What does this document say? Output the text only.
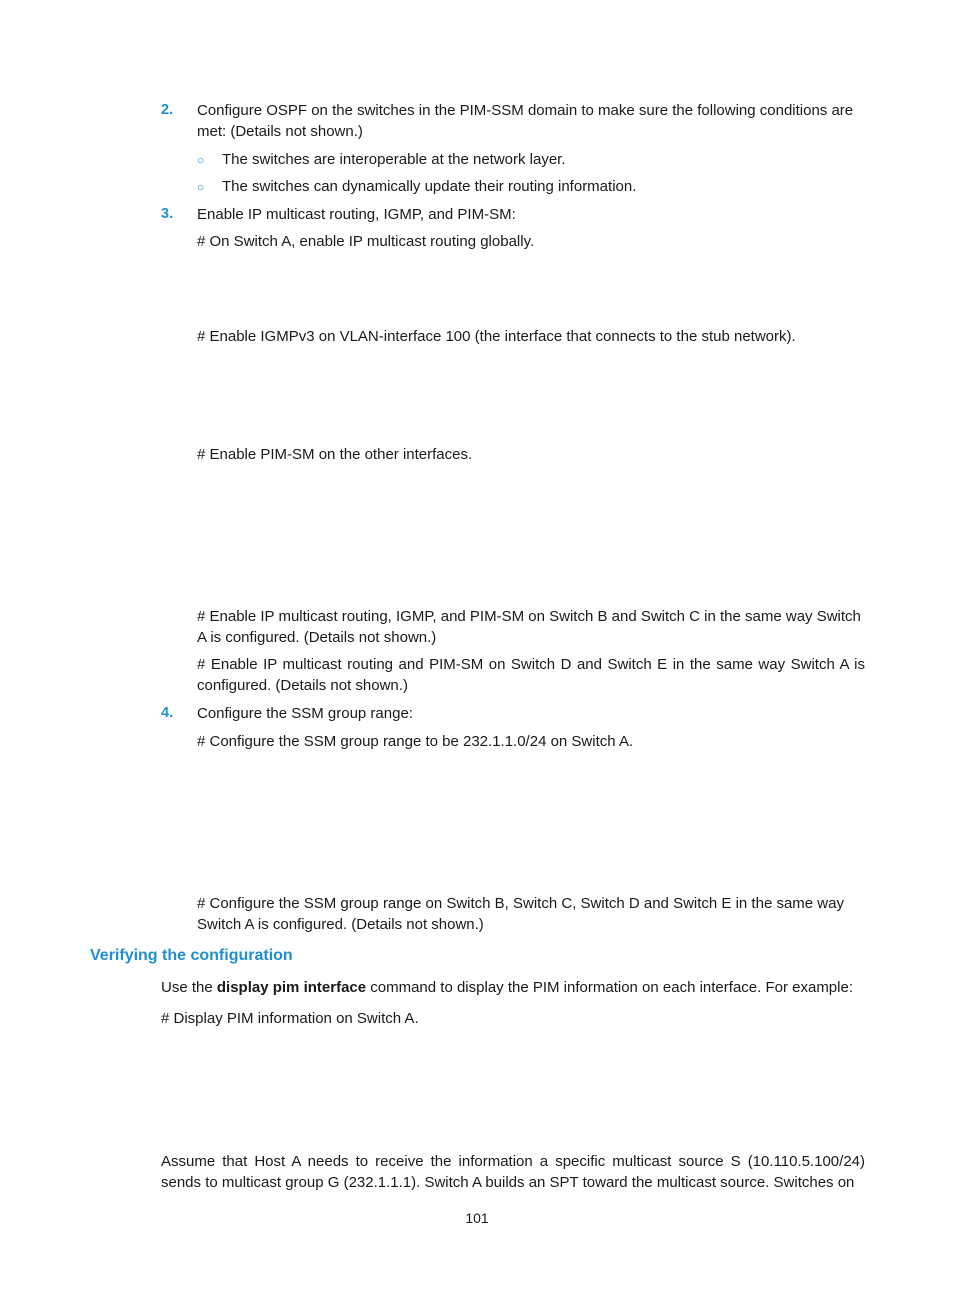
2. Configure OSPF on the switches in the PIM-SSM domain to make sure the following conditions are met: (Details not shown.)
○ The switches are interoperable at the network layer.
○ The switches can dynamically update their routing information.
3. Enable IP multicast routing, IGMP, and PIM-SM:
# On Switch A, enable IP multicast routing globally.
# Enable IGMPv3 on VLAN-interface 100 (the interface that connects to the stub network).
# Enable PIM-SM on the other interfaces.
# Enable IP multicast routing, IGMP, and PIM-SM on Switch B and Switch C in the same way Switch A is configured. (Details not shown.)
# Enable IP multicast routing and PIM-SM on Switch D and Switch E in the same way Switch A is configured. (Details not shown.)
4. Configure the SSM group range:
# Configure the SSM group range to be 232.1.1.0/24 on Switch A.
# Configure the SSM group range on Switch B, Switch C, Switch D and Switch E in the same way Switch A is configured. (Details not shown.)
Verifying the configuration
Use the display pim interface command to display the PIM information on each interface. For example:
# Display PIM information on Switch A.
Assume that Host A needs to receive the information a specific multicast source S (10.110.5.100/24) sends to multicast group G (232.1.1.1). Switch A builds an SPT toward the multicast source. Switches on
101
